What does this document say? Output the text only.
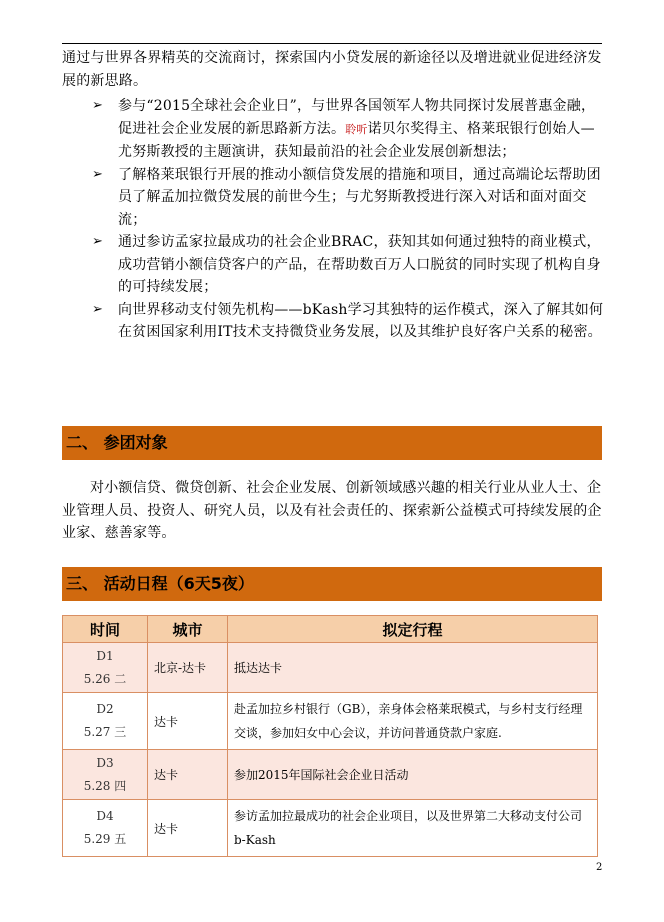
通过与世界各界精英的交流商讨，探索国内小贷发展的新途径以及增进就业促进经济发展的新思路。
➢ 参与“2015全球社会企业日”，与世界各国领军人物共同探讨发展普惠金融，促进社会企业发展的新思路新方法。聆听诺贝尔奖得主、格莱珉银行创始人—尤努斯教授的主题演讲，获知最前沿的社会企业发展创新想法；
➢ 了解格莱珉银行开展的推动小额信贷发展的措施和项目，通过高端论坛帮助团员了解孟加拉微贷发展的前世今生；与尤努斯教授进行深入对话和面对面交流；
➢ 通过参访孟家拉最成功的社会企业BRAC，获知其如何通过独特的商业模式，成功营销小额信贷客户的产品，在帮助数百万人口脱贫的同时实现了机构自身的可持续发展；
➢ 向世界移动支付领先机构——bKash学习其独特的运作模式，深入了解其如何在贫困国家利用IT技术支持微贷业务发展，以及其维护良好客户关系的秘密。
二、 参团对象
对小额信贷、微贷创新、社会企业发展、创新领域感兴趣的相关行业从业人士、企业管理人员、投资人、研究人员，以及有社会责任的、探索新公益模式可持续发展的企业家、慈善家等。
三、 活动日程（6天5夜）
时间	城市	拟定行程

D1
5.26 二	北京-达卡	抵达达卡

D2
5.27 三	达卡	赴孟加拉乡村银行（GB），亲身体会格莱珉模式，与乡村支行经理交谈，参加妇女中心会议，并访问普通贷款户家庭.

D3
5.28 四	达卡	参加2015年国际社会企业日活动

D4
5.29 五	达卡	参访孟加拉最成功的社会企业项目，以及世界第二大移动支付公司b-Kash
2
